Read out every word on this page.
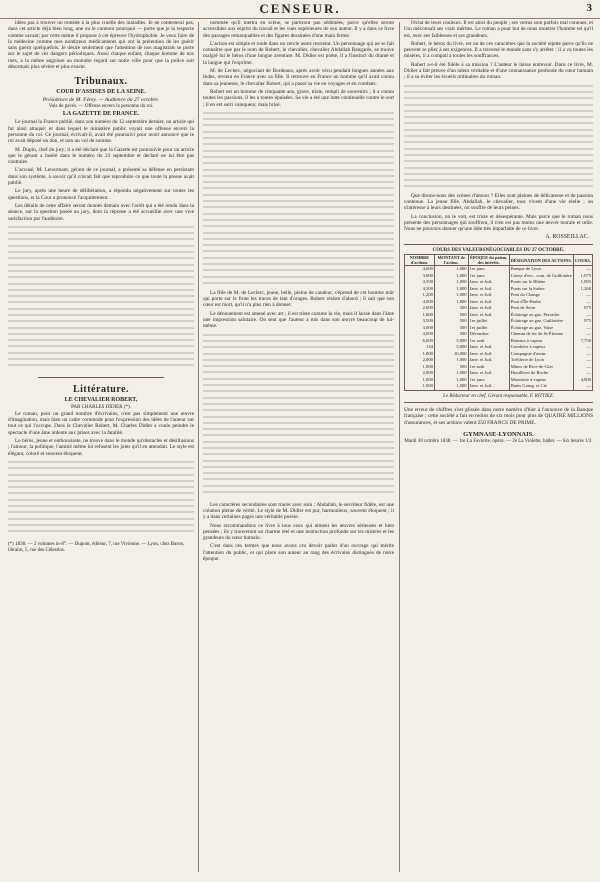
CENSEUR.	3

idées pas à trouver un remède à la plus cruelle des maladies. Je ne contesterai pas, dans cet article déjà bien long, une ou le contenir pourquoi — porte que je la respecte comme savant; par cette même il propose à cet épreuve l'hydrophobie. Je veux faire de la médecine comme mes nombreux médicaments qui ont la prétention de les guérir sans guérir quelquefois. Je désire seulement que l'attention de nos magistrats se porte sur le sujet de ces dangers périodiques. Aussi chaque enfant, chaque homme de nos rues, a la même angoisse au moindre regard sur notre ville pour que la police soit désormais plus sévère et plus exacte.

Tribunaux.
COUR D'ASSISES DE LA SEINE.
Présidence de M. Férey. — Audience du 27 octobre.
Vols de pavés. — Offense envers la personne du roi.
LA GAZETTE DE FRANCE.

Le journal la France publié, dans son numéro du 12 septembre dernier, un article qui fut ainsi attaqué; et dans lequel le ministère public voyait une offense envers la personne du roi. Ce journal, écrivait-il, avait été poursuivi pour avoir annoncé que le roi avait déposé un don, et non un vol de somme.

M. Dupin, chef du jury; il a été déclaré que la Gazette est poursuivie pour un article que le gérant a inséré dans le numéro du 23 septembre et déclaré ne lui être pas contraire.

L'accusé, M. Lenormant, gérant de ce journal, a présenté sa défense en persistant dans son système, à savoir qu'il n'avait fait que reproduire ce que toute la presse avait publié.

Le jury, après une heure de délibération, a répondu négativement sur toutes les questions, et la Cour a prononcé l'acquittement.

Les détails de cette affaire seront donnés demain avec l'arrêt qui a été rendu dans la séance, sur la question posée au jury, dont la réponse a été accueillie avec une vive satisfaction par l'auditoire.

Littérature.
LE CHEVALIER ROBERT,
PAR CHARLES DIDIER (*).

Le roman, pour un grand nombre d'écrivains, n'est pas simplement une œuvre d'imagination, mais bien un cadre commode pour l'expression des idées de l'auteur sur tout ce qui l'occupe. Dans le Chevalier Robert, M. Charles Didier a voulu peindre le spectacle d'une âme ardente aux prises avec la fatalité.

Le héros, jeune et enthousiaste, ne trouve dans le monde qu'obstacles et désillusions ; l'amour, la politique, l'amitié même lui refusent les joies qu'il en attendait. Le style est élégant, coloré et souvent éloquent.

(*) 1838. — 2 volumes in-8°. — Dupont, éditeur, 7, rue Vivienne. — Lyon, chez Baron, libraire, 5, rue des Célestins.

nommée qu'il mettra en scène, se partiront pas sédimées, parce qu'elles seront accessibles aux esprits du travail et les vues supérieures de son auteur. Il y a dans ce livre des passages remarquables et des figures dessinées d'une main ferme.

L'action est simple et roule dans un cercle assez restreint. Un personnage qui ne se fait connaître que par le nom de Robert, le chevalier, chevalier Abdallah Rangarès, se trouve malgré lui le héros d'une longue aventure. M. Didier est poète, il a l'instinct du drame et la langue qui l'exprime.

M. de Leclerc, négociant de Bordeaux, après avoir vécu pendant longues années aux Indes, revient en France avec sa fille. Il retrouve en France un homme qu'il avait connu dans sa jeunesse, le chevalier Robert, qui a passé sa vie en voyages et en combats.

Robert est un homme de cinquante ans, grave, triste, rempli de souvenirs ; il a connu toutes les passions, il les a toutes épuisées. Sa vie a été une lutte continuelle contre le sort ; il en est sorti vainqueur, mais brisé.

La fille de M. de Leclerc, jeune, belle, pleine de candeur, s'éprend de cet homme mûr qui porte sur le front les traces de tant d'orages. Robert résiste d'abord ; il sait que son cœur est mort, qu'il n'a plus rien à donner.

Le dénouement est amené avec art ; il est triste comme la vie, mais il laisse dans l'âme une impression salutaire. On sent que l'auteur a mis dans son œuvre beaucoup de lui-même.

Les caractères secondaires sont tracés avec soin ; Abdallah, le serviteur fidèle, est une création pleine de vérité. Le style de M. Didier est pur, harmonieux, souvent éloquent ; il y a dans certaines pages une véritable poésie.

Nous recommandons ce livre à tous ceux qui aiment les œuvres sérieuses et bien pensées ; ils y trouveront un charme réel et une instruction profonde sur les misères et les grandeurs du cœur humain.

C'est dans ces termes que nous avons cru devoir parler d'un ouvrage qui mérite l'attention du public, et qui place son auteur au rang des écrivains distingués de notre époque.

l'éclat de leurs couleurs. Il est ainsi du peuple ; ses vertus sont parfois mal connues, et l'on méconnaît ses vrais mérites. Le roman a pour but de nous montrer l'homme tel qu'il est, avec ses faiblesses et ses grandeurs.

Robert, le héros du livre, est un de ces caractères que la société rejette parce qu'ils ne peuvent se plier à ses exigences. Il a traversé le monde sans s'y arrêter ; il a vu toutes les misères, il a compati à toutes les souffrances.

Robert a-t-il été fidèle à sa mission ? L'auteur le laisse entrevoir. Dans ce livre, M. Didier a fait preuve d'un talent véritable et d'une connaissance profonde du cœur humain ; il a su éviter les écueils ordinaires du roman.

Que dirons-nous des scènes d'amour ? Elles sont pleines de délicatesse et de passion contenue. La jeune fille, Abdallah, le chevalier, tous vivent d'une vie réelle ; on s'intéresse à leurs destinées, on souffre de leurs peines.

La conclusion, on le voit, est triste et désespérante. Mais parce que le roman nous présente des personnages qui souffrent, il n'en est pas moins une œuvre morale et utile. Nous ne pouvons donner qu'une idée très imparfaite de ce livre.

A. ROSSEILLAC.
COURS DES VALEURSNÉGOCIABLES DU 27 OCTOBRE.
NOMBRE d'actions.	MONTANT de l'action.	ÉPOQUE du paiem. des intérêts.	DÉSIGNATION DES ACTIONS.	COURS.
4,000	1,000	1er janv.	Banque de Lyon	—
3,000	1,000	1er janv.	Caisse d'esc., com. de Guillotière	1,075
4,500	1,000	Janv. et Juil.	Ponts sur le Rhône	1,095
4,500	1,000	Janv. et Juil.	Ponts sur la Saône	1,260
1,200	1,000	Janv. et Juil.	Pont du Change	—
4,000	1,000	Janv. et Juil.	Pont d'Île-Barbe	—
2,000	500	Janv. et Juil.	Pont de Serin	875
1,600	500	Janv. et Juil.	Éclairage au gaz, Perrache	—
3,500	500	1er juillet	Éclairage au gaz, Guillotière	975
3,000	500	1er juillet	Éclairage au gaz, Vaise	—
4,000	500	Décembre	Chemin de fer de St-Étienne	—
6,000	5,000	1er août	Bateaux à vapeur	7,750
134	5,000	Janv. et Juil.	Gondoles à vapeur	—
1,800	10,000	Janv. et Juil.	Compagnie d'assur.	—
2,000	1,000	Janv. et Juil.	Tréfilerie de Lyon	—
1,000	500	1er août	Mines de Rive-de-Gier	—
2,000	1,000	Janv. et Juil.	Houillères de Roche	—
1,000	1,000	1er janv.	Monitoire à vapeur	4,000
1,000	1,000	Janv. et Juil.	Bains Grang. et Cie	—
Le Rédacteur en chef, Gérant responsable, F. RITTIEZ.
Une erreur de chiffres s'est glissée dans notre numéro d'hier à l'annonce de la Banque française ; cette société a fait en moins de six mois pour plus de QUATRE MILLIONS d'assurances, et ses actions valent 250 FRANCS DE PRIME.
GYMNASE-LYONNAIS.
Mardi 30 octobre 1838. — 1re La Favorite, opéra. — 2e La Violette, ballet. — Six heures 1/2.
